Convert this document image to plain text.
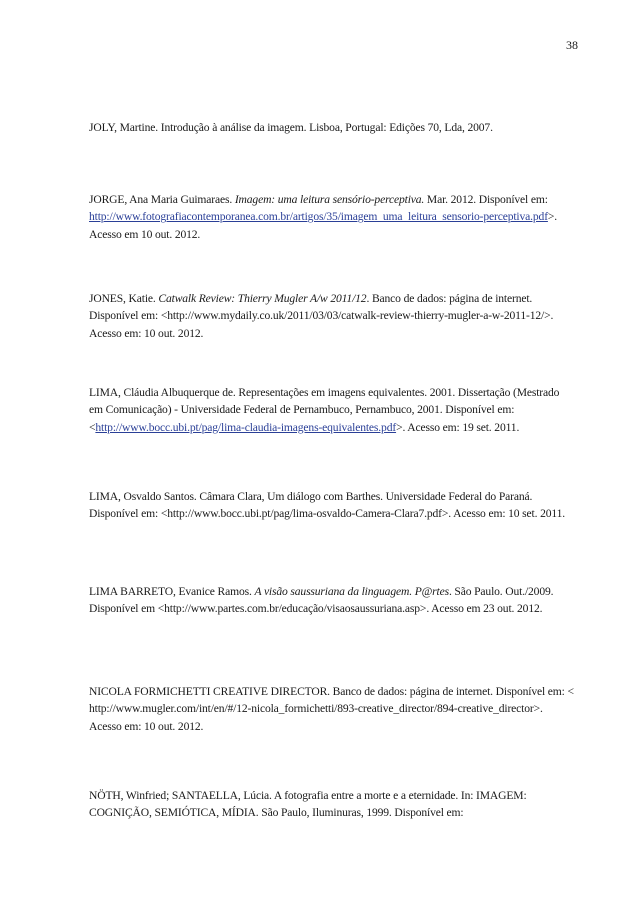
38

JOLY, Martine. Introdução à análise da imagem. Lisboa, Portugal: Edições 70, Lda, 2007.

JORGE, Ana Maria Guimaraes. Imagem: uma leitura sensório-perceptiva. Mar. 2012. Disponível em: http://www.fotografiacontemporanea.com.br/artigos/35/imagem_uma_leitura_sensorio-perceptiva.pdf>. Acesso em 10 out. 2012.

JONES, Katie. Catwalk Review: Thierry Mugler A/w 2011/12. Banco de dados: página de internet. Disponível em: <http://www.mydaily.co.uk/2011/03/03/catwalk-review-thierry-mugler-a-w-2011-12/>. Acesso em: 10 out. 2012.

LIMA, Cláudia Albuquerque de. Representações em imagens equivalentes. 2001. Dissertação (Mestrado em Comunicação) - Universidade Federal de Pernambuco, Pernambuco, 2001. Disponível em: <http://www.bocc.ubi.pt/pag/lima-claudia-imagens-equivalentes.pdf>. Acesso em: 19 set. 2011.

LIMA, Osvaldo Santos. Câmara Clara, Um diálogo com Barthes. Universidade Federal do Paraná. Disponível em: <http://www.bocc.ubi.pt/pag/lima-osvaldo-Camera-Clara7.pdf>. Acesso em: 10 set. 2011.

LIMA BARRETO, Evanice Ramos. A visão saussuriana da linguagem. P@rtes. São Paulo. Out./2009. Disponível em <http://www.partes.com.br/educação/visaosaussuriana.asp>. Acesso em 23 out. 2012.

NICOLA FORMICHETTI CREATIVE DIRECTOR. Banco de dados: página de internet. Disponível em: < http://www.mugler.com/int/en/#/12-nicola_formichetti/893-creative_director/894-creative_director>. Acesso em: 10 out. 2012.

NÖTH, Winfried; SANTAELLA, Lúcia. A fotografia entre a morte e a eternidade. In: IMAGEM: COGNIÇÃO, SEMIÓTICA, MÍDIA. São Paulo, Iluminuras, 1999. Disponível em:
